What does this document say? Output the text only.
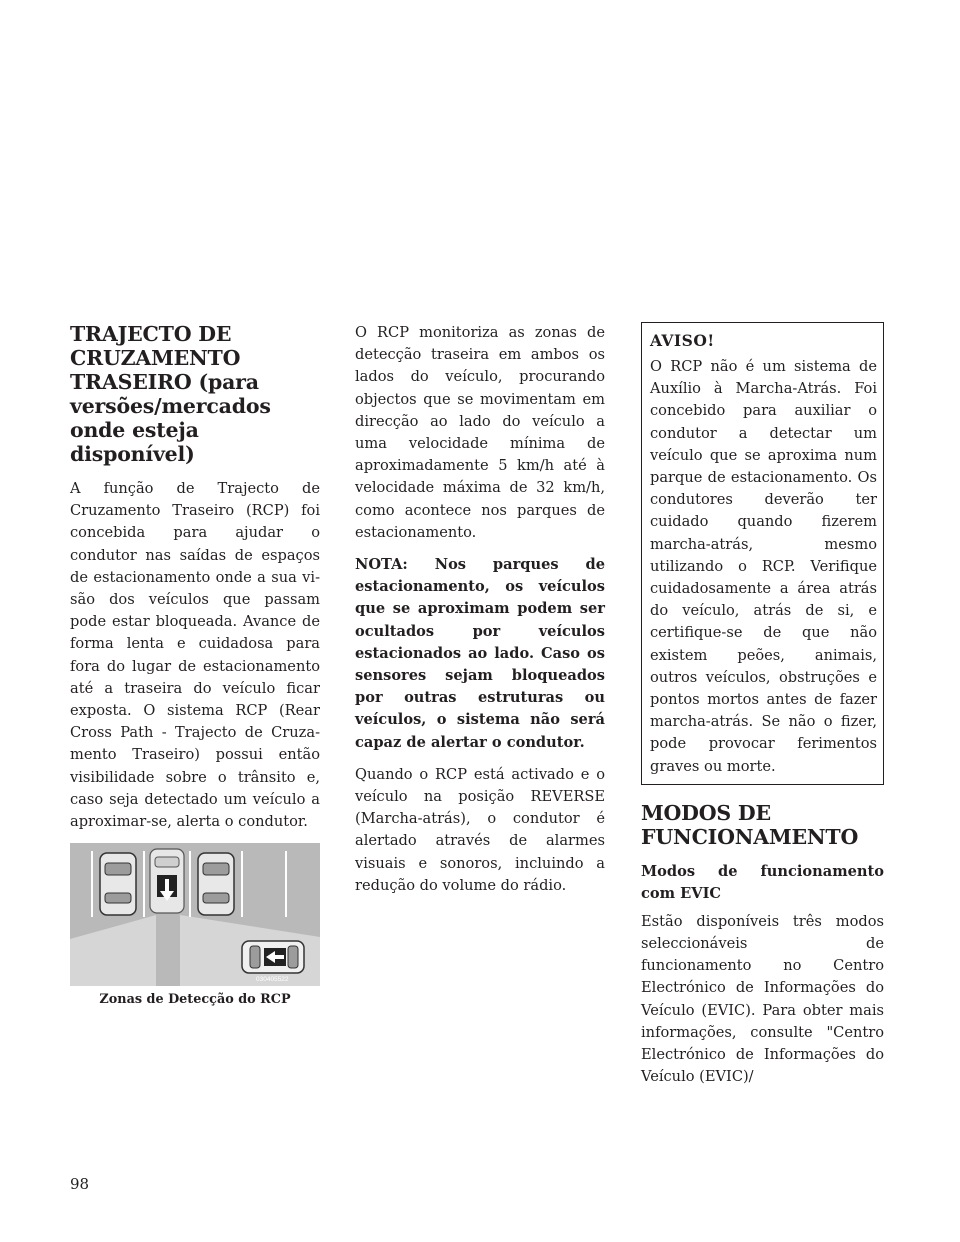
TRAJECTO DE CRUZAMENTO TRASEIRO (para versões/mercados onde esteja disponível)

A função de Trajecto de Cruzamento Traseiro (RCP) foi concebida para ajudar o condutor nas saídas de espaços de estacionamento onde a sua visão dos veículos que passam pode estar bloqueada. Avance de forma lenta e cuidadosa para fora do lugar de estacionamento até a traseira do veículo ficar exposta. O sistema RCP (Rear Cross Path - Trajecto de Cruzamento Traseiro) possui então visibilidade sobre o trânsito e, caso seja detectado um veículo a aproximar-se, alerta o condutor.

030405522
Zonas de Detecção do RCP

O RCP monitoriza as zonas de detecção traseira em ambos os lados do veículo, procurando objectos que se movimentam em direcção ao lado do veículo a uma velocidade mínima de aproximadamente 5 km/h até à velocidade máxima de 32 km/h, como acontece nos parques de estacionamento.

NOTA: Nos parques de estacionamento, os veículos que se aproximam podem ser ocultados por veículos estacionados ao lado. Caso os sensores sejam bloqueados por outras estruturas ou veículos, o sistema não será capaz de alertar o condutor.

Quando o RCP está activado e o veículo na posição REVERSE (Marcha-atrás), o condutor é alertado através de alarmes visuais e sonoros, incluindo a redução do volume do rádio.

AVISO!

O RCP não é um sistema de Auxílio à Marcha-Atrás. Foi concebido para auxiliar o condutor a detectar um veículo que se aproxima num parque de estacionamento. Os condutores deverão ter cuidado quando fizerem marcha-atrás, mesmo utilizando o RCP. Verifique cuidadosamente a área atrás do veículo, atrás de si, e certifique-se de que não existem peões, animais, outros veículos, obstruções e pontos mortos antes de fazer marcha-atrás. Se não o fizer, pode provocar ferimentos graves ou morte.

MODOS DE FUNCIONAMENTO
Modos de funcionamento com EVIC

Estão disponíveis três modos seleccionáveis de funcionamento no Centro Electrónico de Informações do Veículo (EVIC). Para obter mais informações, consulte "Centro Electrónico de Informações do Veículo (EVIC)/

98
